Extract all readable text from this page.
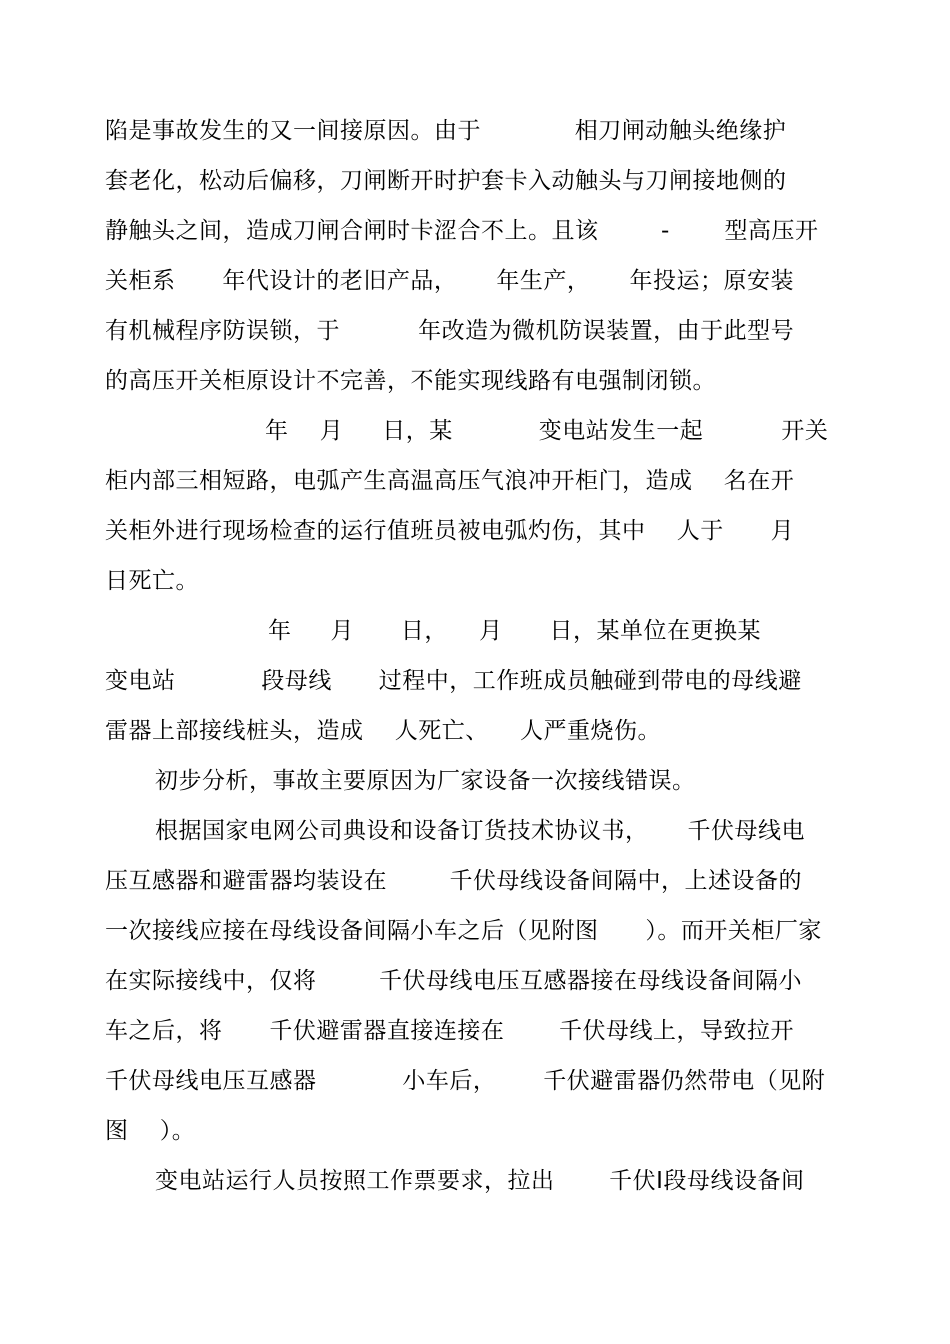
陷是事故发生的又一间接原因。由于            相刀闸动触头绝缘护
套老化，松动后偏移，刀闸断开时护套卡入动触头与刀闸接地侧的
静触头之间，造成刀闸合闸时卡涩合不上。且该        -       型高压开
关柜系      年代设计的老旧产品，     年生产，     年投运；原安装
有机械程序防误锁，于          年改造为微机防误装置，由于此型号
的高压开关柜原设计不完善，不能实现线路有电强制闭锁。
年    月     日，某           变电站发生一起          开关
柜内部三相短路，电弧产生高温高压气浪冲开柜门，造成    名在开
关柜外进行现场检查的运行值班员被电弧灼伤，其中    人于      月
日死亡。
年     月      日，    月      日，某单位在更换某
变电站           段母线      过程中，工作班成员触碰到带电的母线避
雷器上部接线桩头，造成    人死亡、    人严重烧伤。
初步分析，事故主要原因为厂家设备一次接线错误。
根据国家电网公司典设和设备订货技术协议书，     千伏母线电
压互感器和避雷器均装设在        千伏母线设备间隔中，上述设备的
一次接线应接在母线设备间隔小车之后（见附图      ）。而开关柜厂家
在实际接线中，仅将        千伏母线电压互感器接在母线设备间隔小
车之后，将      千伏避雷器直接连接在       千伏母线上，导致拉开
千伏母线电压互感器           小车后，      千伏避雷器仍然带电（见附
图    ）。
变电站运行人员按照工作票要求，拉出       千伏I段母线设备间
